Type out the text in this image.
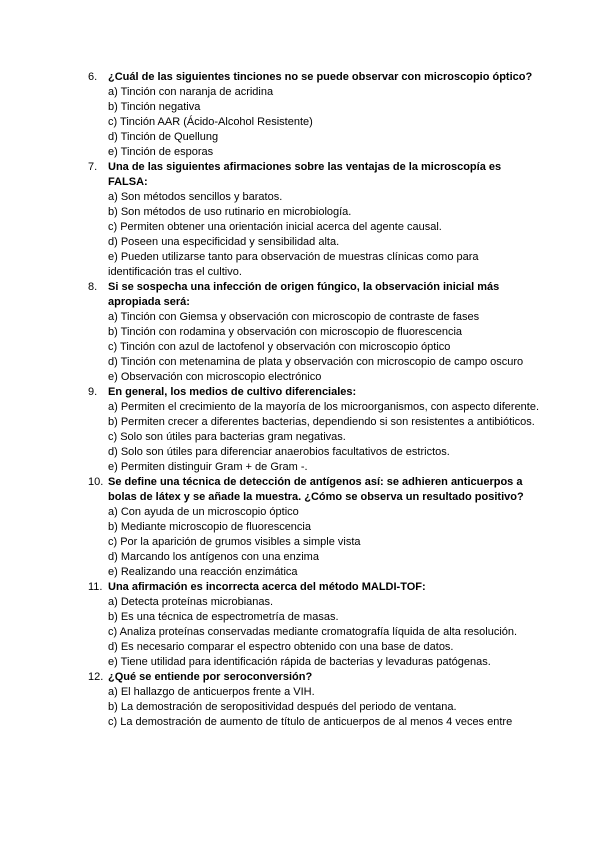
6. ¿Cuál de las siguientes tinciones no se puede observar con microscopio óptico?
a) Tinción con naranja de acridina
b) Tinción negativa
c) Tinción AAR (Ácido-Alcohol Resistente)
d) Tinción de Quellung
e) Tinción de esporas
7. Una de las siguientes afirmaciones sobre las ventajas de la microscopía es FALSA:
a) Son métodos sencillos y baratos.
b) Son métodos de uso rutinario en microbiología.
c) Permiten obtener una orientación inicial acerca del agente causal.
d) Poseen una especificidad y sensibilidad alta.
e) Pueden utilizarse tanto para observación de muestras clínicas como para identificación tras el cultivo.
8. Si se sospecha una infección de origen fúngico, la observación inicial más apropiada será:
a) Tinción con Giemsa y observación con microscopio de contraste de fases
b) Tinción con rodamina y observación con microscopio de fluorescencia
c) Tinción con azul de lactofenol y observación con microscopio óptico
d) Tinción con metenamina de plata y observación con microscopio de campo oscuro
e) Observación con microscopio electrónico
9. En general, los medios de cultivo diferenciales:
a) Permiten el crecimiento de la mayoría de los microorganismos, con aspecto diferente.
b) Permiten crecer a diferentes bacterias, dependiendo si son resistentes a antibióticos.
c) Solo son útiles para bacterias gram negativas.
d) Solo son útiles para diferenciar anaerobios facultativos de estrictos.
e) Permiten distinguir Gram + de Gram -.
10. Se define una técnica de detección de antígenos así: se adhieren anticuerpos a bolas de látex y se añade la muestra. ¿Cómo se observa un resultado positivo?
a) Con ayuda de un microscopio óptico
b) Mediante microscopio de fluorescencia
c) Por la aparición de grumos visibles a simple vista
d) Marcando los antígenos con una enzima
e) Realizando una reacción enzimática
11. Una afirmación es incorrecta acerca del método MALDI-TOF:
a) Detecta proteínas microbianas.
b) Es una técnica de espectrometría de masas.
c) Analiza proteínas conservadas mediante cromatografía líquida de alta resolución.
d) Es necesario comparar el espectro obtenido con una base de datos.
e) Tiene utilidad para identificación rápida de bacterias y levaduras patógenas.
12. ¿Qué se entiende por seroconversión?
a) El hallazgo de anticuerpos frente a VIH.
b) La demostración de seropositividad después del periodo de ventana.
c) La demostración de aumento de título de anticuerpos de al menos 4 veces entre
